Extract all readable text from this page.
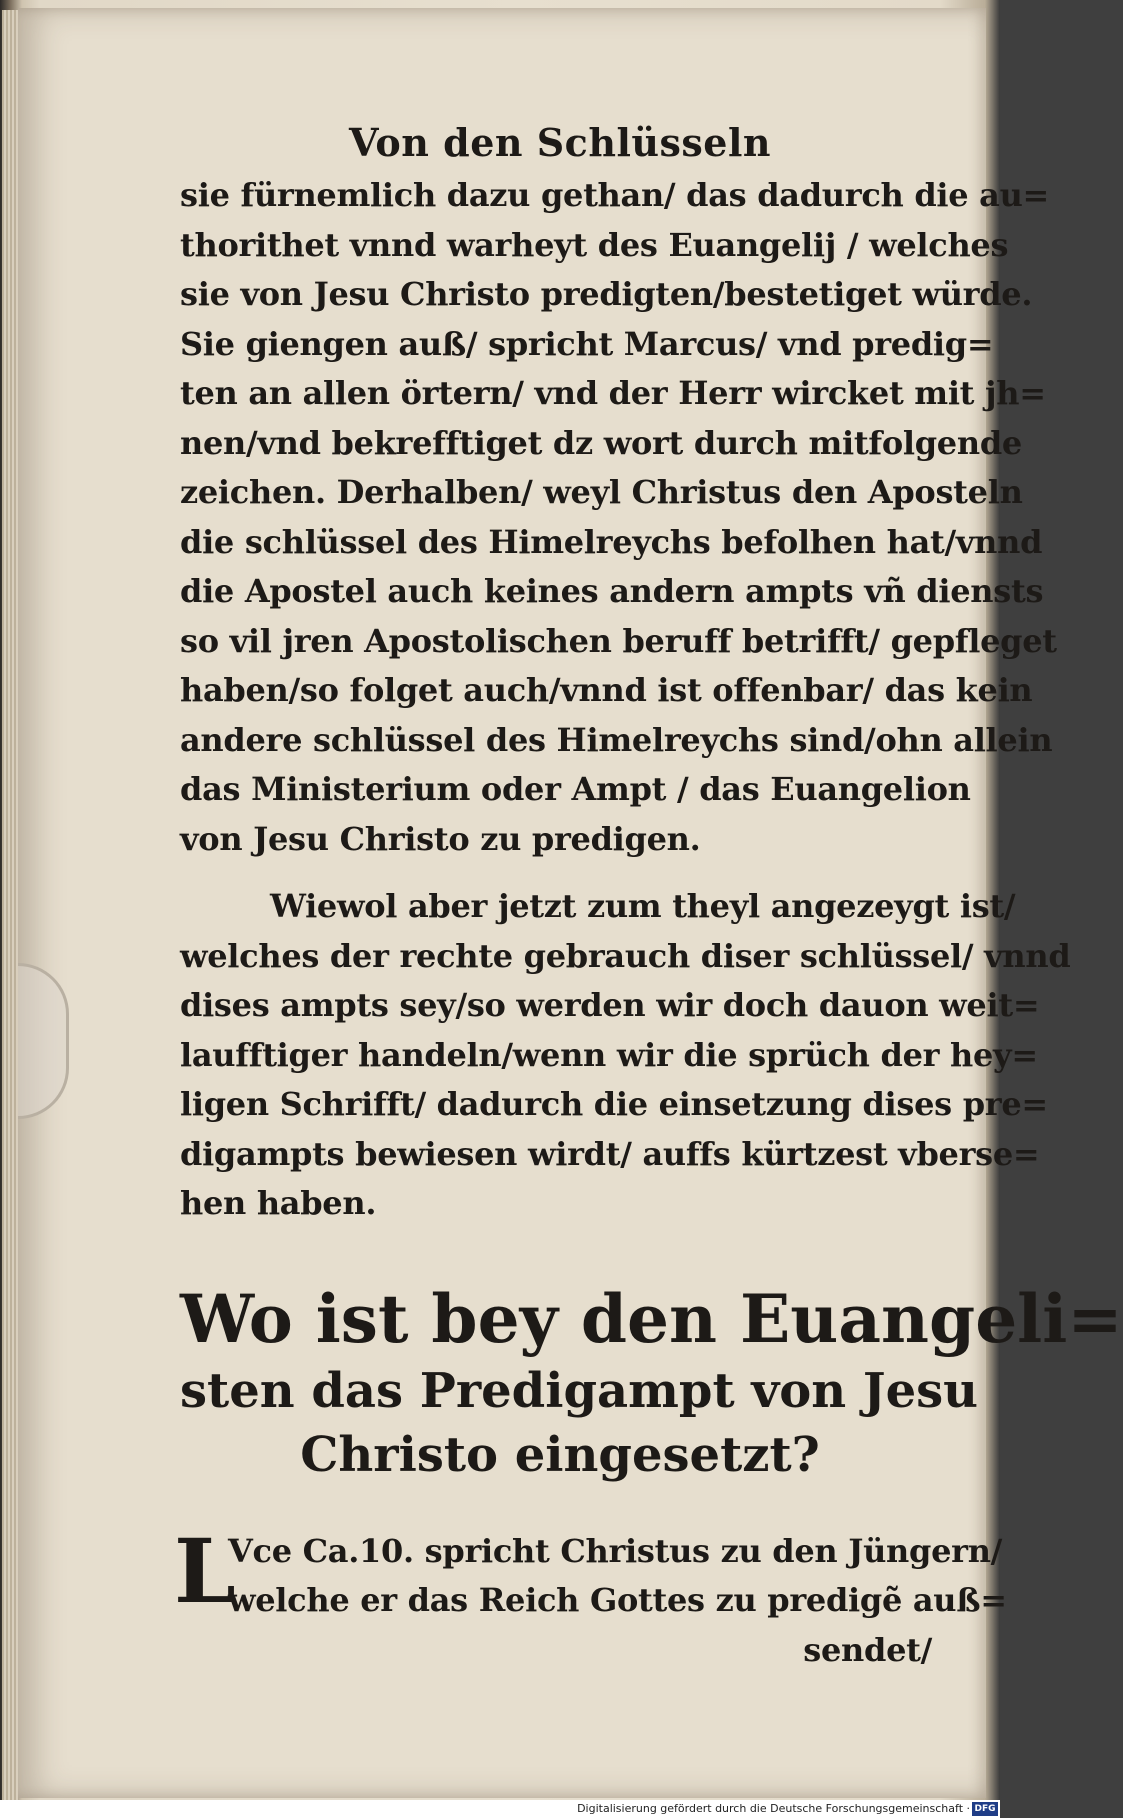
Von den Schlüsseln
sie fürnemlich dazu gethan/ das dadurch die au=
thorithet vnnd warheyt des Euangelij / welches
sie von Jesu Christo predigten/bestetiget würde.
Sie giengen auß/ spricht Marcus/ vnd predig=
ten an allen örtern/ vnd der Herr wircket mit jh=
nen/vnd bekrefftiget dz wort durch mitfolgende
zeichen. Derhalben/ weyl Christus den Aposteln
die schlüssel des Himelreychs befolhen hat/vnnd
die Apostel auch keines andern ampts vñ diensts
so vil jren Apostolischen beruff betrifft/ gepfleget
haben/so folget auch/vnnd ist offenbar/ das kein
andere schlüssel des Himelreychs sind/ohn allein
das Ministerium oder Ampt / das Euangelion
von Jesu Christo zu predigen.
Wiewol aber jetzt zum theyl angezeygt ist/
welches der rechte gebrauch diser schlüssel/ vnnd
dises ampts sey/so werden wir doch dauon weit=
laufftiger handeln/wenn wir die sprüch der hey=
ligen Schrifft/ dadurch die einsetzung dises pre=
digampts bewiesen wirdt/ auffs kürtzest vberse=
hen haben.
Wo ist bey den Euangeli=
sten das Predigampt von Jesu
Christo eingesetzt?
L
Vce Ca.10. spricht Christus zu den Jüngern/
welche er das Reich Gottes zu predigẽ auß=
sendet/
Digitalisierung gefördert durch die Deutsche Forschungsgemeinschaft · DFG
